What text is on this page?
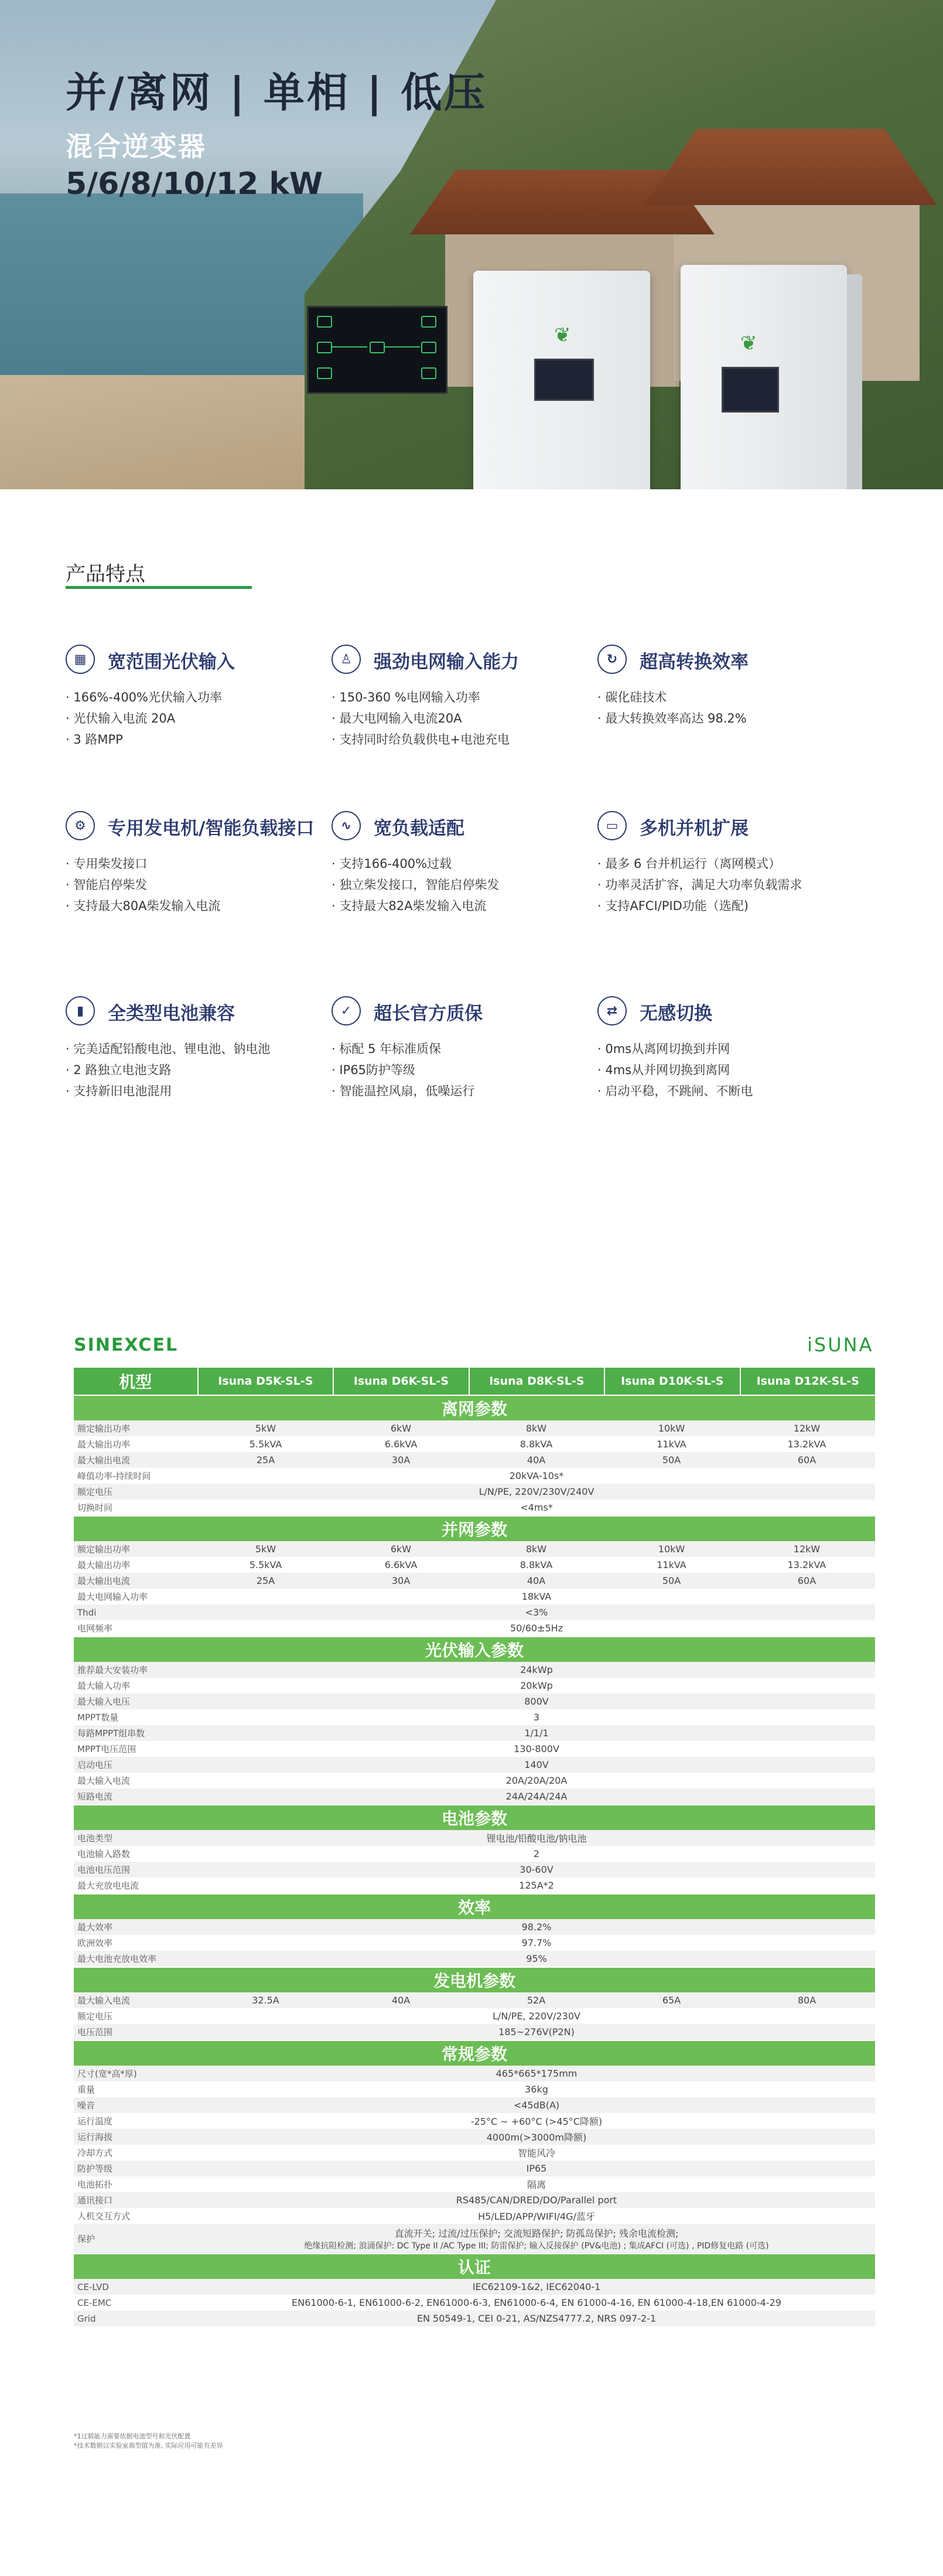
❦	❦
并/离网 | 单相 | 低压
混合逆变器
5/6/8/10/12 kW
产品特点
▦	宽范围光伏输入
· 166%-400%光伏输入功率
· 光伏输入电流 20A
· 3 路MPP
♙	强劲电网输入能力
· 150-360 %电网输入功率
· 最大电网输入电流20A
· 支持同时给负载供电+电池充电
↻	超高转换效率
· 碳化硅技术
· 最大转换效率高达 98.2%
⚙	专用发电机/智能负载接口
· 专用柴发接口
· 智能启停柴发
· 支持最大80A柴发输入电流
∿	宽负载适配
· 支持166-400%过载
· 独立柴发接口，智能启停柴发
· 支持最大82A柴发输入电流
▭	多机并机扩展
· 最多 6 台并机运行（离网模式）
· 功率灵活扩容，满足大功率负载需求
· 支持AFCI/PID功能（选配)
▮	全类型电池兼容
· 完美适配铅酸电池、锂电池、钠电池
· 2 路独立电池支路
· 支持新旧电池混用
✓	超长官方质保
· 标配 5 年标准质保
· IP65防护等级
· 智能温控风扇，低噪运行
⇄	无感切换
· 0ms从离网切换到并网
· 4ms从并网切换到离网
· 启动平稳，不跳闸、不断电
SINEXCEL	iSUNA
机型	Isuna D5K-SL-S	Isuna D6K-SL-S	Isuna D8K-SL-S	Isuna D10K-SL-S	Isuna D12K-SL-S
离网参数
额定输出功率	5kW	6kW	8kW	10kW	12kW
最大输出功率	5.5kVA	6.6kVA	8.8kVA	11kVA	13.2kVA
最大输出电流	25A	30A	40A	50A	60A
峰值功率-持续时间	20kVA-10s*
额定电压	L/N/PE, 220V/230V/240V
切换时间	<4ms*
并网参数
额定输出功率	5kW	6kW	8kW	10kW	12kW
最大输出功率	5.5kVA	6.6kVA	8.8kVA	11kVA	13.2kVA
最大输出电流	25A	30A	40A	50A	60A
最大电网输入功率	18kVA
Thdi	<3%
电网频率	50/60±5Hz
光伏输入参数
推荐最大安装功率	24kWp
最大输入功率	20kWp
最大输入电压	800V
MPPT数量	3
每路MPPT组串数	1/1/1
MPPT电压范围	130-800V
启动电压	140V
最大输入电流	20A/20A/20A
短路电流	24A/24A/24A
电池参数
电池类型	锂电池/铅酸电池/钠电池
电池输入路数	2
电池电压范围	30-60V
最大充放电电流	125A*2
效率
最大效率	98.2%
欧洲效率	97.7%
最大电池充放电效率	95%
发电机参数
最大输入电流	32.5A	40A	52A	65A	80A
额定电压	L/N/PE, 220V/230V
电压范围	185~276V(P2N)
常规参数
尺寸(宽*高*厚)	465*665*175mm
重量	36kg
噪音	<45dB(A)
运行温度	-25°C ~ +60°C (>45°C降额)
运行海拔	4000m(>3000m降额)
冷却方式	智能风冷
防护等级	IP65
电池拓扑	隔离
通讯接口	RS485/CAN/DRED/DO/Parallel port
人机交互方式	H5/LED/APP/WIFI/4G/蓝牙
保护	直流开关; 过流/过压保护; 交流短路保护; 防孤岛保护; 残余电流检测;
绝缘抗阻检测; 浪涌保护: DC Type II /AC Type III; 防雷保护; 输入反接保护 (PV&电池) ; 集成AFCI (可选) , PID修复电路 (可选)
认证
CE-LVD	IEC62109-1&2, IEC62040-1
CE-EMC	EN61000-6-1, EN61000-6-2, EN61000-6-3, EN61000-6-4, EN 61000-4-16, EN 61000-4-18,EN 61000-4-29
Grid	EN 50549-1, CEI 0-21, AS/NZS4777.2, NRS 097-2-1
*1过载能力需要依据电池型号和光伏配置
*技术数据以实验室典型值为准, 实际应用可能有差异
